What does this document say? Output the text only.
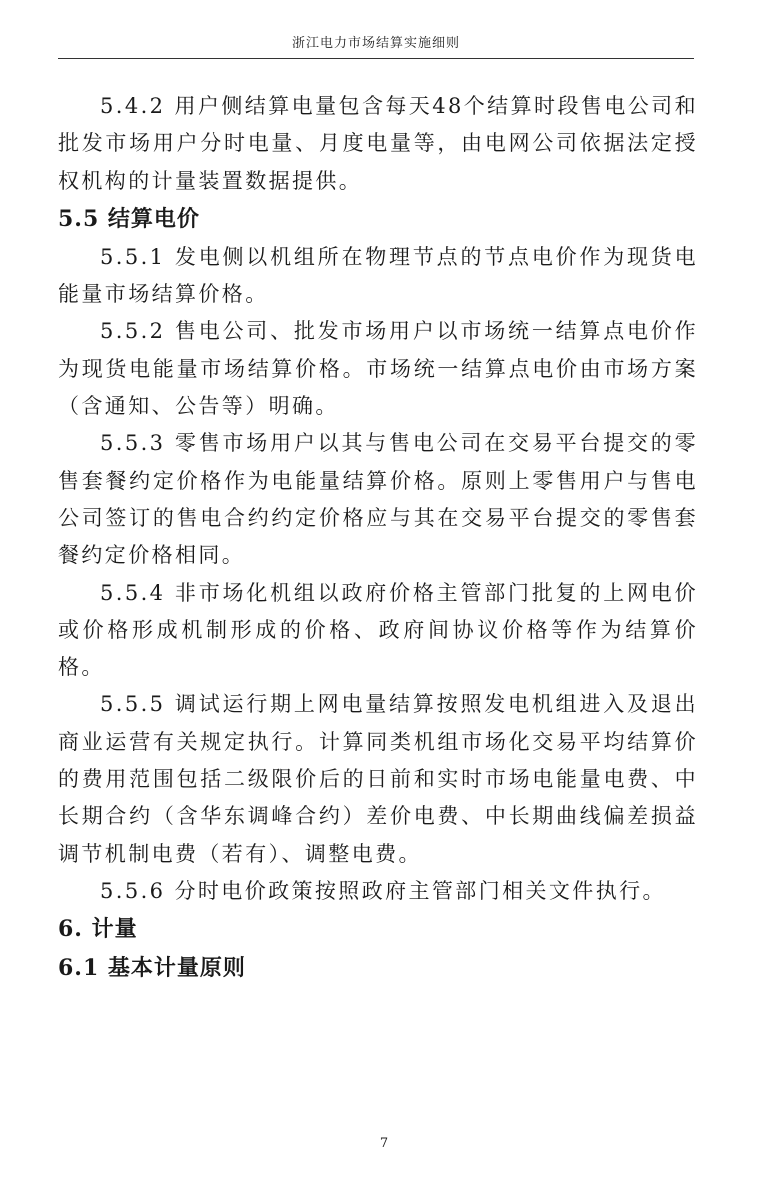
浙江电力市场结算实施细则

5.4.2 用户侧结算电量包含每天48个结算时段售电公司和批发市场用户分时电量、月度电量等，由电网公司依据法定授权机构的计量装置数据提供。

5.5 结算电价

5.5.1 发电侧以机组所在物理节点的节点电价作为现货电能量市场结算价格。

5.5.2 售电公司、批发市场用户以市场统一结算点电价作为现货电能量市场结算价格。市场统一结算点电价由市场方案（含通知、公告等）明确。

5.5.3 零售市场用户以其与售电公司在交易平台提交的零售套餐约定价格作为电能量结算价格。原则上零售用户与售电公司签订的售电合约约定价格应与其在交易平台提交的零售套餐约定价格相同。

5.5.4 非市场化机组以政府价格主管部门批复的上网电价或价格形成机制形成的价格、政府间协议价格等作为结算价格。

5.5.5 调试运行期上网电量结算按照发电机组进入及退出商业运营有关规定执行。计算同类机组市场化交易平均结算价的费用范围包括二级限价后的日前和实时市场电能量电费、中长期合约（含华东调峰合约）差价电费、中长期曲线偏差损益调节机制电费（若有）、调整电费。

5.5.6 分时电价政策按照政府主管部门相关文件执行。

6. 计量

6.1 基本计量原则

7
